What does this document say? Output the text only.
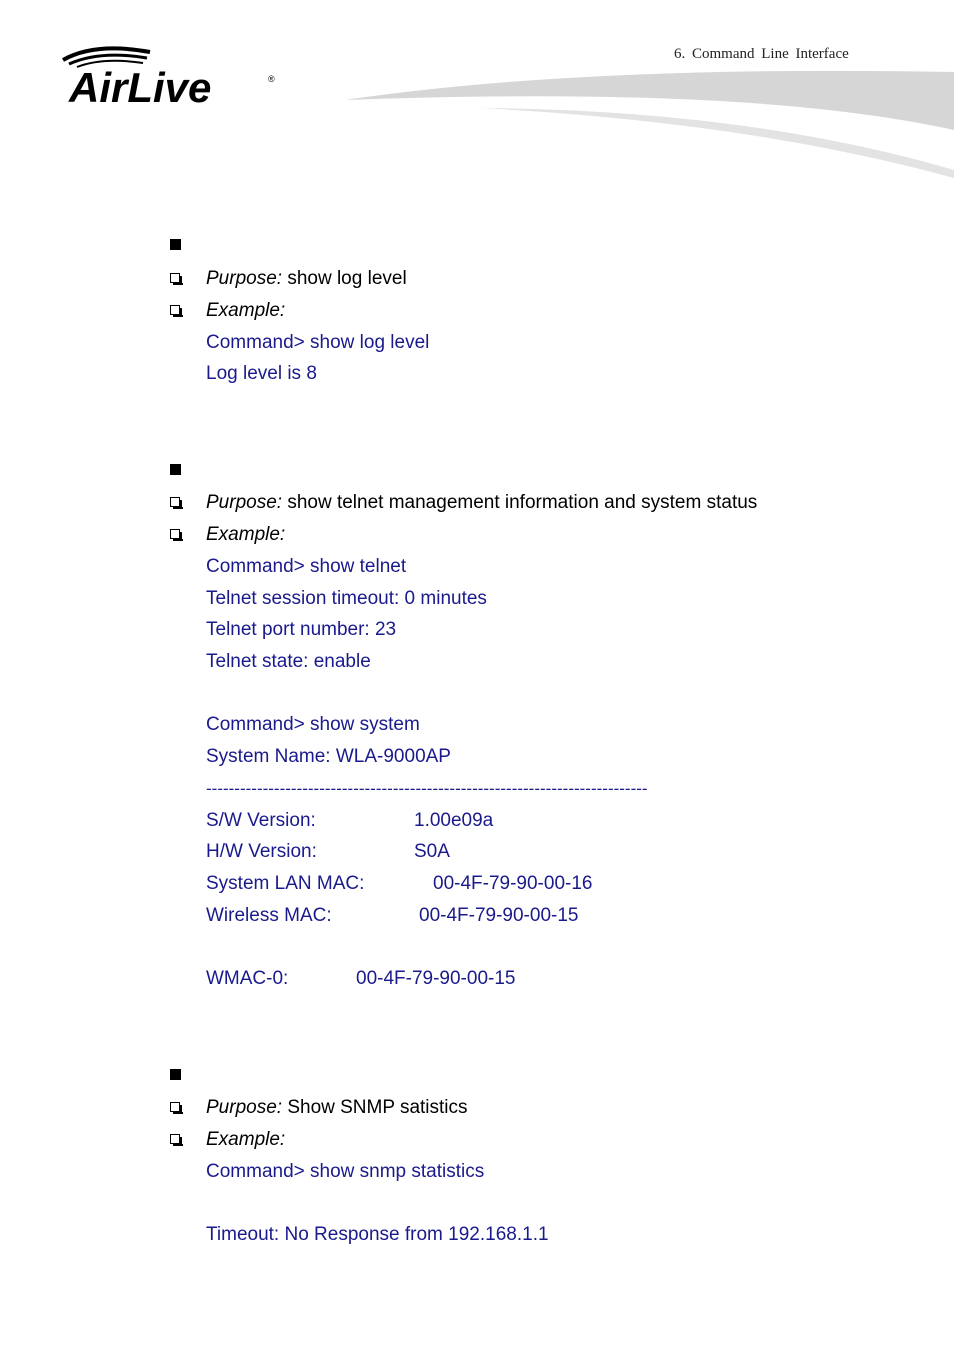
AirLive	®
6. Command Line Interface
Purpose: show log level
Example:
Command> show log level
Log level is 8
Purpose: show telnet management information and system status
Example:
Command> show telnet
Telnet session timeout: 0 minutes
Telnet port number: 23
Telnet state: enable
Command> show system
System Name: WLA-9000AP
------------------------------------------------------------------------------
S/W Version:	1.00e09a
H/W Version:	S0A
System LAN MAC:	00-4F-79-90-00-16
Wireless MAC:	00-4F-79-90-00-15
WMAC-0:	00-4F-79-90-00-15
Purpose: Show SNMP satistics
Example:
Command> show snmp statistics
Timeout: No Response from 192.168.1.1
